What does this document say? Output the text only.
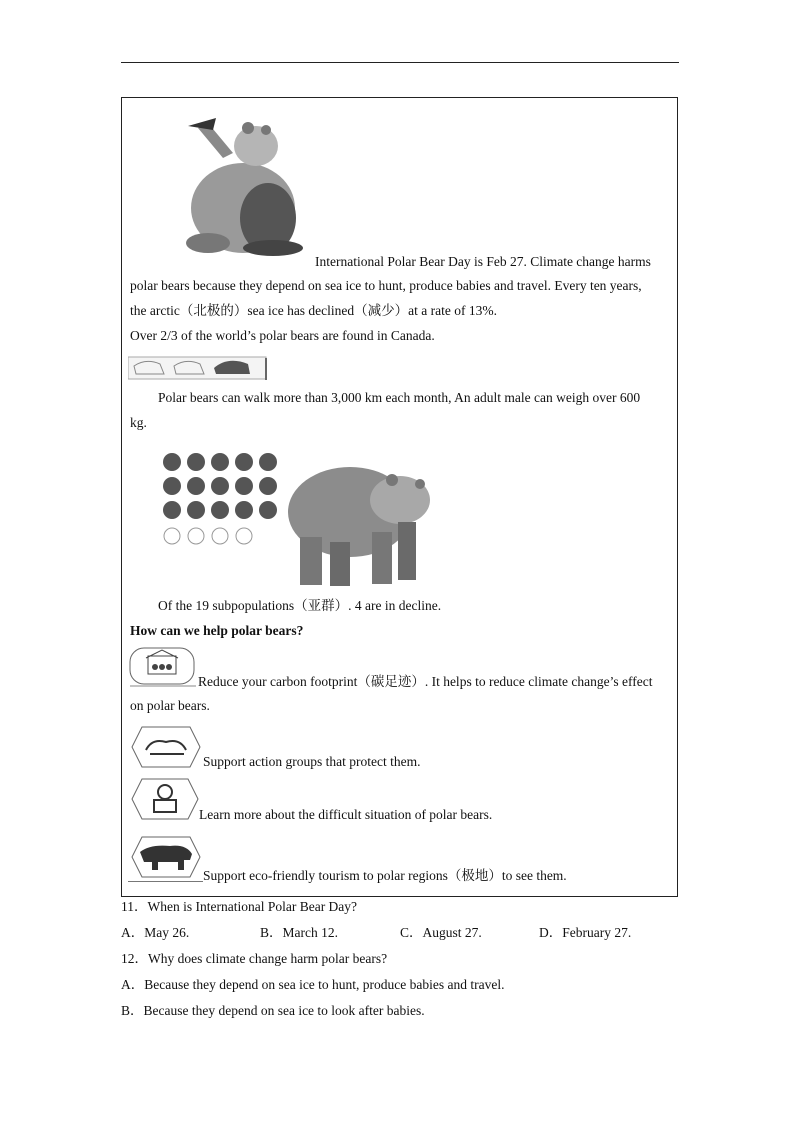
International Polar Bear Day is Feb 27. Climate change harms
polar bears because they depend on sea ice to hunt, produce babies and travel. Every ten years,
the arctic（北极的）sea ice has declined（减少）at a rate of 13%.
Over 2/3 of the world’s polar bears are found in Canada.
Polar bears can walk more than 3,000 km each month, An adult male can weigh over 600
kg.
Of the 19 subpopulations（亚群）. 4 are in decline.
How can we help polar bears?
Reduce your carbon footprint（碳足迹）. It helps to reduce climate change’s effect
on polar bears.
Support action groups that protect them.
Learn more about the difficult situation of polar bears.
Support eco-friendly tourism to polar regions（极地）to see them.
11．When is International Polar Bear Day?
A．May 26.	B．March 12.	C．August 27.	D．February 27.
12．Why does climate change harm polar bears?
A．Because they depend on sea ice to hunt, produce babies and travel.
B．Because they depend on sea ice to look after babies.
